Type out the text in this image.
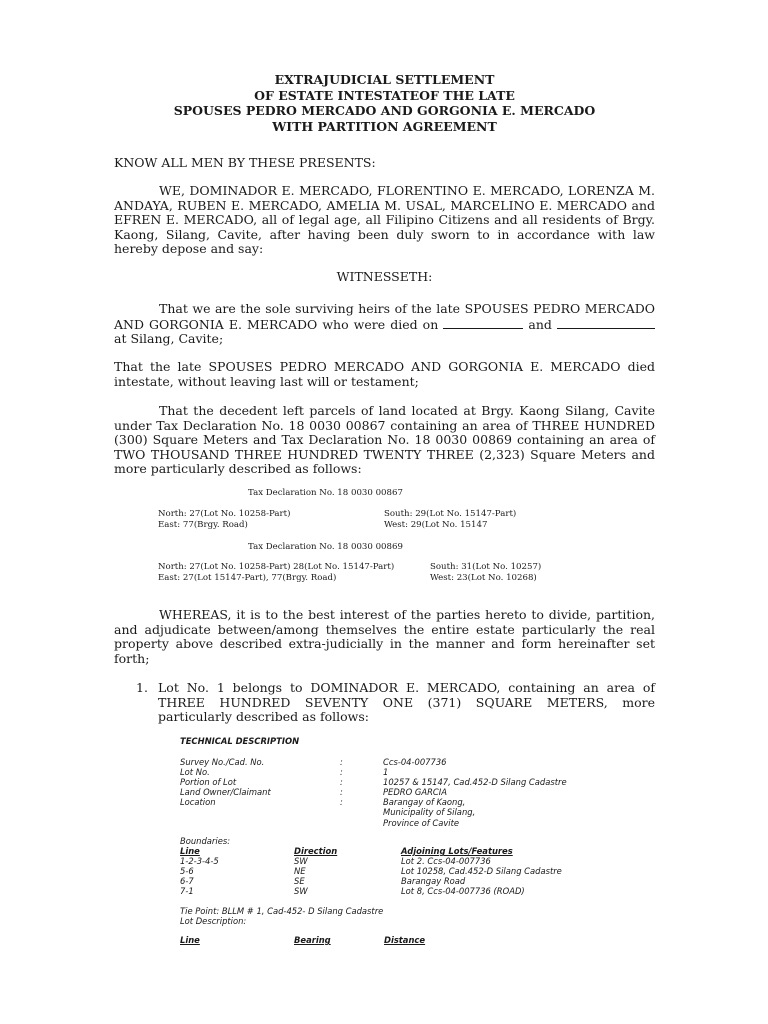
EXTRAJUDICIAL SETTLEMENT

OF ESTATE INTESTATEOF THE LATE

SPOUSES PEDRO MERCADO AND GORGONIA E. MERCADO

WITH PARTITION AGREEMENT

KNOW ALL MEN BY THESE PRESENTS:

WE, DOMINADOR E. MERCADO, FLORENTINO E. MERCADO, LORENZA M. ANDAYA, RUBEN E. MERCADO, AMELIA M. USAL, MARCELINO E. MERCADO and EFREN E. MERCADO, all of legal age, all Filipino Citizens and all residents of Brgy. Kaong, Silang, Cavite, after having been duly sworn to in accordance with law hereby depose and say:

WITNESSETH:

That we are the sole surviving heirs of the late SPOUSES PEDRO MERCADO AND GORGONIA E. MERCADO who were died on	and  at Silang, Cavite;

That the late SPOUSES PEDRO MERCADO AND GORGONIA E. MERCADO died intestate, without leaving last will or testament;

That the decedent left parcels of land located at Brgy. Kaong Silang, Cavite under Tax Declaration No. 18 0030 00867 containing an area of THREE HUNDRED (300) Square Meters and Tax Declaration No. 18 0030 00869 containing an area of TWO THOUSAND THREE HUNDRED TWENTY THREE (2,323) Square Meters and more particularly described as follows:

Tax Declaration No. 18 0030 00867
North: 27(Lot No. 10258-Part)	South: 29(Lot No. 15147-Part)
East: 77(Brgy. Road)	West: 29(Lot No. 15147
Tax Declaration No. 18 0030 00869
North: 27(Lot No. 10258-Part) 28(Lot No. 15147-Part)	South: 31(Lot No. 10257)
East: 27(Lot 15147-Part), 77(Brgy. Road)	West: 23(Lot No. 10268)

WHEREAS, it is to the best interest of the parties hereto to divide, partition, and adjudicate between/among themselves the entire estate particularly the real property above described extra-judicially in the manner and form hereinafter set forth;

1. Lot No. 1 belongs to DOMINADOR E. MERCADO, containing an area of THREE HUNDRED SEVENTY ONE (371) SQUARE METERS, more particularly described as follows:

TECHNICAL DESCRIPTION
Survey No./Cad. No.	:	Ccs-04-007736
Lot No.	:	1
Portion of Lot	:	10257 & 15147, Cad.452-D Silang Cadastre
Land Owner/Claimant	:	PEDRO GARCIA
Location	:	Barangay of Kaong,
Municipality of Silang,
Province of Cavite
Boundaries:
Line	Direction	Adjoining Lots/Features
1-2-3-4-5	SW	Lot 2. Ccs-04-007736
5-6	NE	Lot 10258, Cad.452-D Silang Cadastre
6-7	SE	Barangay Road
7-1	SW	Lot 8, Ccs-04-007736 (ROAD)
Tie Point: BLLM # 1, Cad-452- D Silang Cadastre
Lot Description:
Line	Bearing	Distance
